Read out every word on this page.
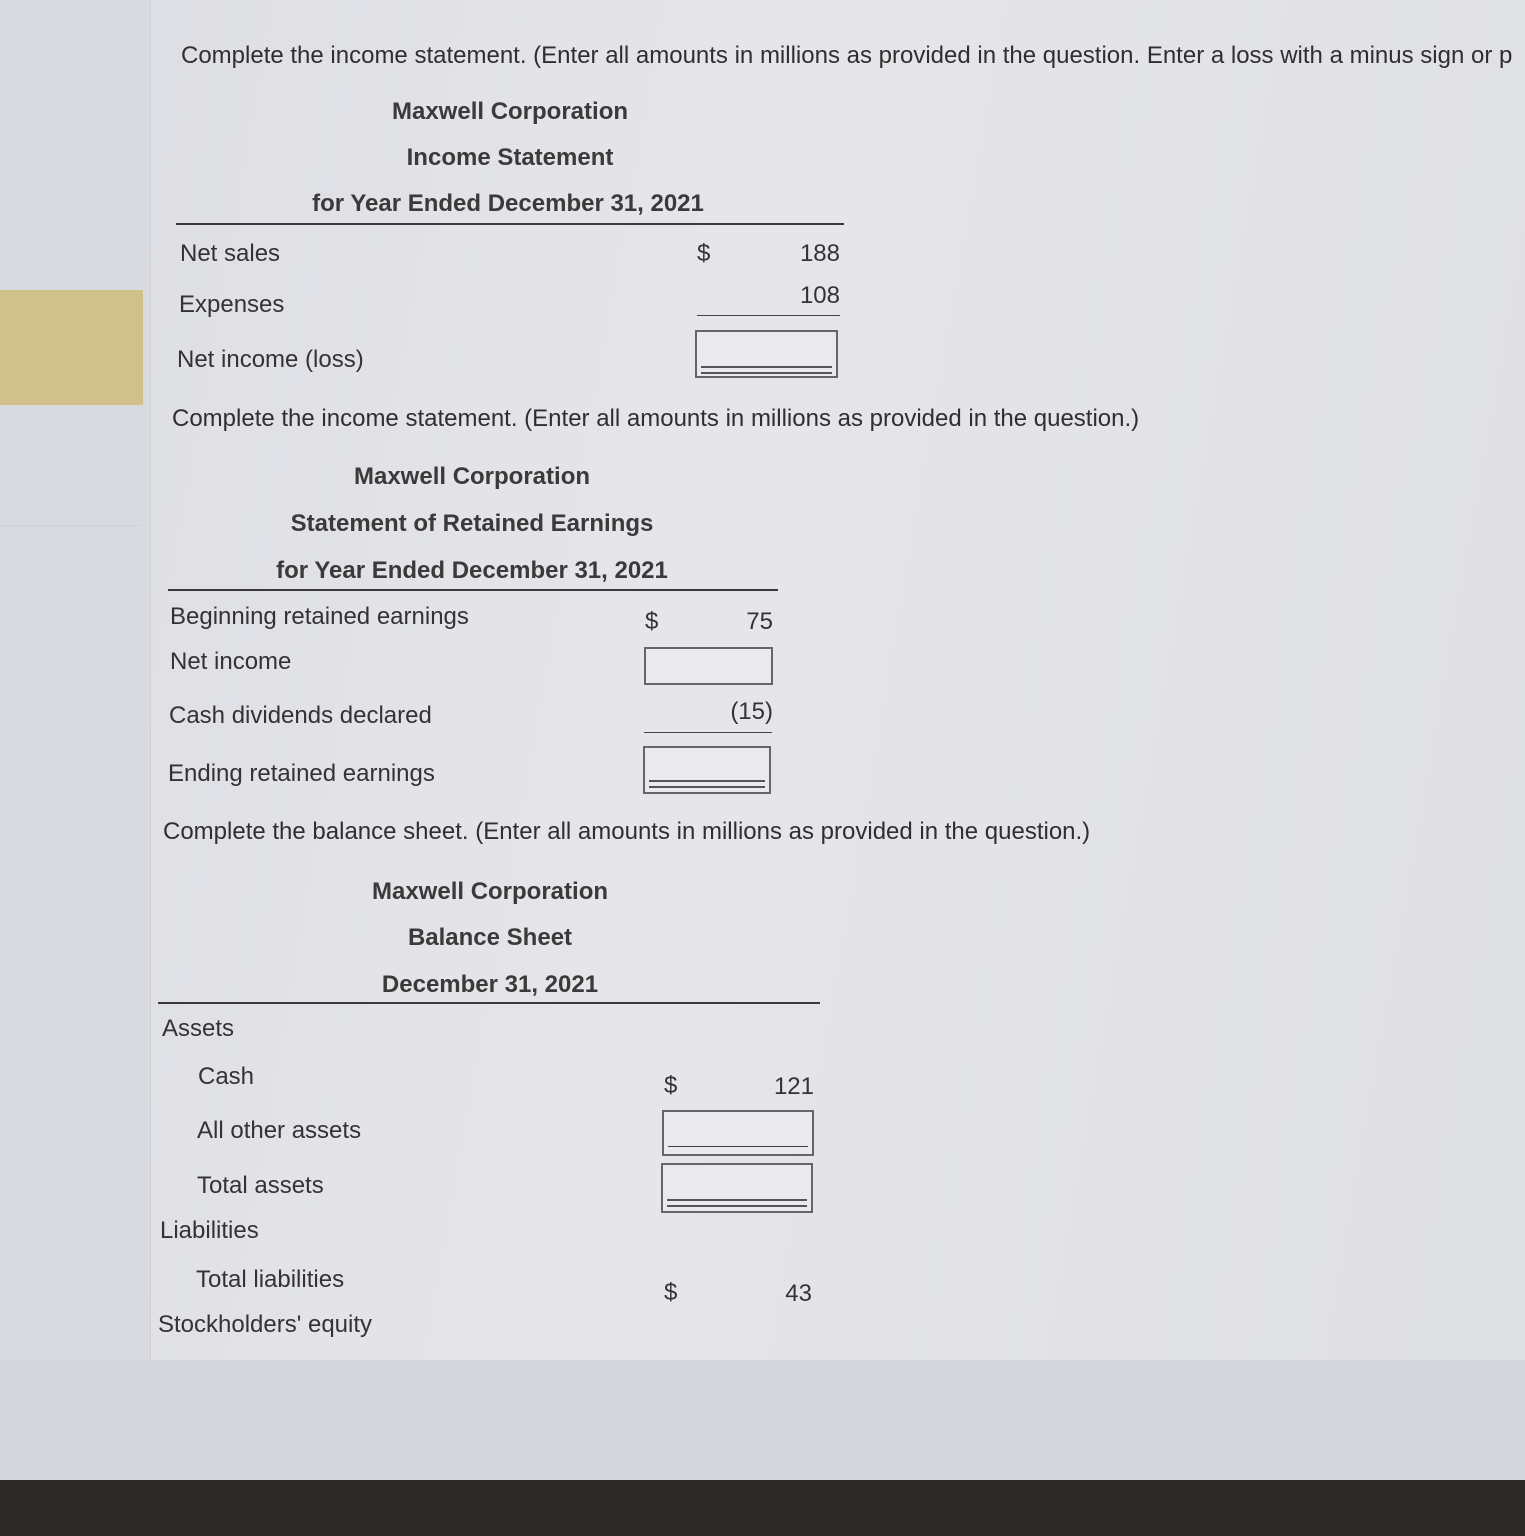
Complete the income statement. (Enter all amounts in millions as provided in the question. Enter a loss with a minus sign or p
Maxwell Corporation
Income Statement
for Year Ended December 31, 2021
Net sales	$	188
Expenses	108
Net income (loss)
Complete the income statement. (Enter all amounts in millions as provided in the question.)
Maxwell Corporation
Statement of Retained Earnings
for Year Ended December 31, 2021
Beginning retained earnings	$	75
Net income
Cash dividends declared	(15)
Ending retained earnings
Complete the balance sheet. (Enter all amounts in millions as provided in the question.)
Maxwell Corporation
Balance Sheet
December 31, 2021
Assets
Cash	$	121
All other assets
Total assets
Liabilities
Total liabilities	$	43
Stockholders' equity
